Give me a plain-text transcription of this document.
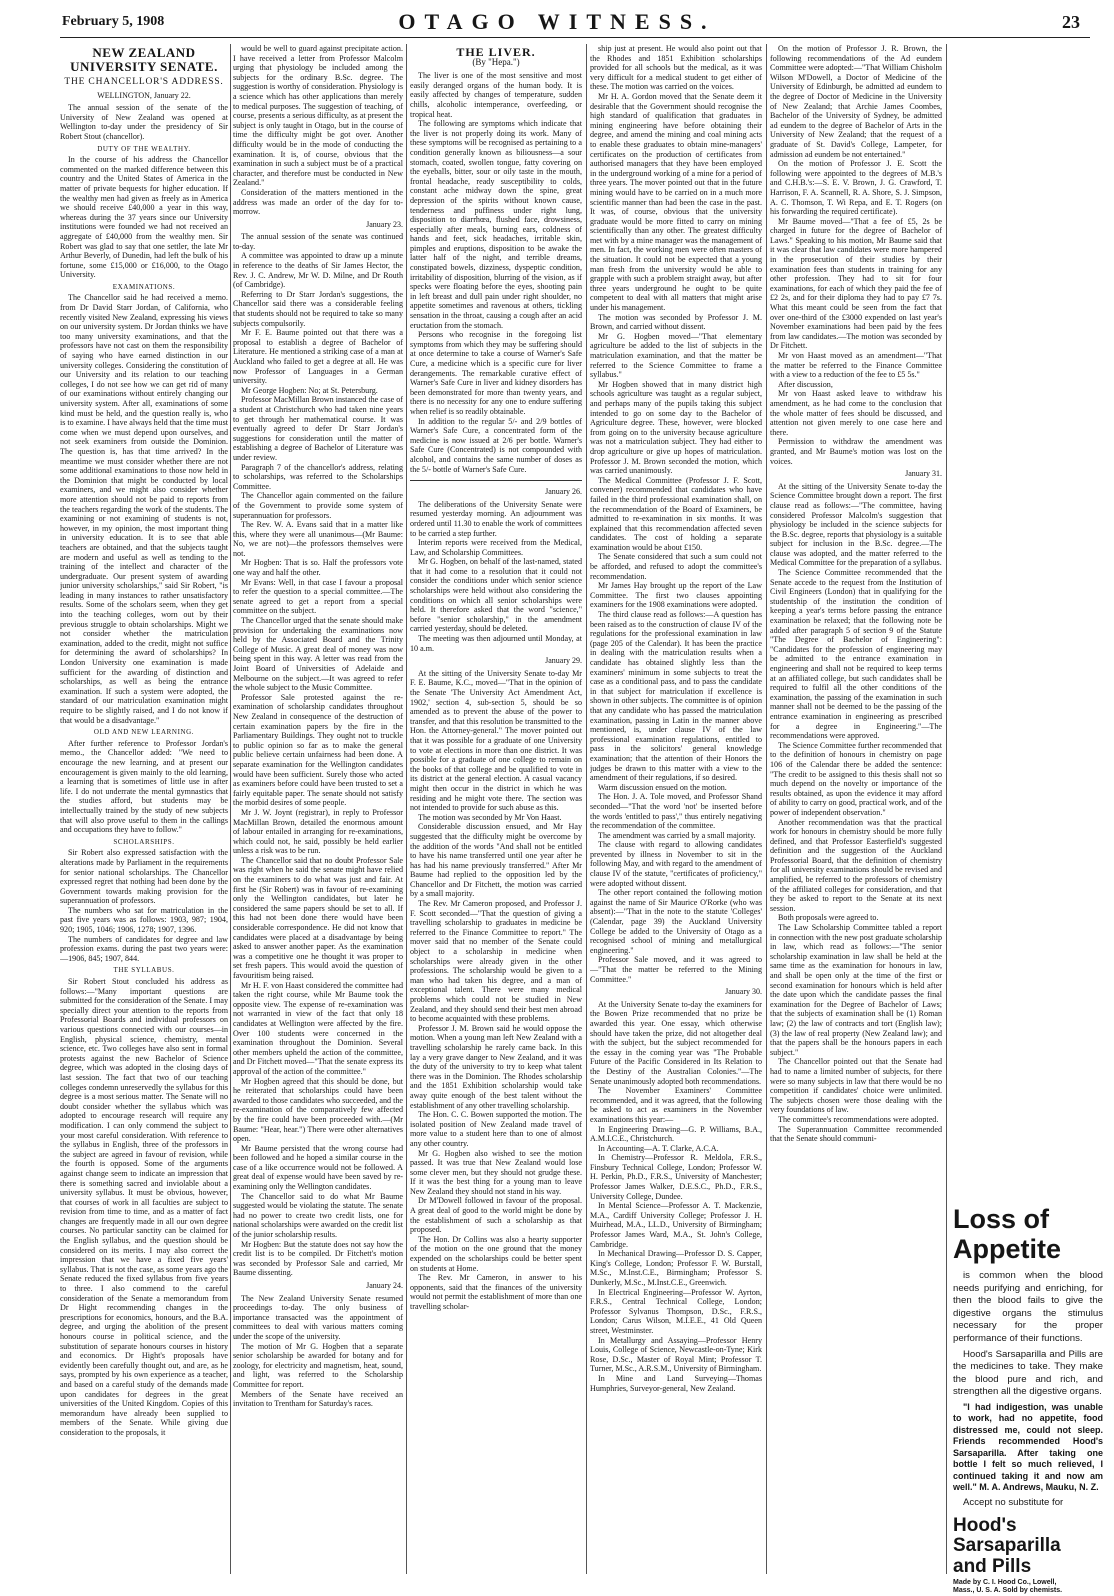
February 5, 1908	OTAGO WITNESS.	23
NEW ZEALAND UNIVERSITY SENATE.
THE CHANCELLOR'S ADDRESS.
WELLINGTON, January 22.

The annual session of the senate of the University of New Zealand was opened at Wellington to-day under the presidency of Sir Robert Stout (chancellor).

DUTY OF THE WEALTHY.

In the course of his address the Chancellor commented on the marked difference between this country and the United States of America in the matter of private bequests for higher education. If the wealthy men had given as freely as in America we should receive £40,000 a year in this way, whereas during the 37 years since our University institutions were founded we had not received an aggregate of £40,000 from the wealthy men. Sir Robert was glad to say that one settler, the late Mr Arthur Beverly, of Dunedin, had left the bulk of his fortune, some £15,000 or £16,000, to the Otago University.

EXAMINATIONS.

The Chancellor said he had received a memo. from Dr David Starr Jordan, of California, who recently visited New Zealand, expressing his views on our university system. Dr Jordan thinks we have too many university examinations, and that the professors have not cast on them the responsibility of saying who have earned distinction in our university colleges. Considering the constitution of our University and its relation to our teaching colleges, I do not see how we can get rid of many of our examinations without entirely changing our university system. After all, examinations of some kind must be held, and the question really is, who is to examine. I have always held that the time must come when we must depend upon ourselves, and not seek examiners from outside the Dominion. The question is, has that time arrived? In the meantime we must consider whether there are not some additional examinations to those now held in the Dominion that might be conducted by local examiners, and we might also consider whether more attention should not be paid to reports from the teachers regarding the work of the students. The examining or not examining of students is not, however, in my opinion, the most important thing in university education. It is to see that able teachers are obtained, and that the subjects taught are modern and useful as well as tending to the training of the intellect and character of the undergraduate. Our present system of awarding junior university scholarships," said Sir Robert, "is leading in many instances to rather unsatisfactory results. Some of the scholars seem, when they get into the teaching colleges, worn out by their previous struggle to obtain scholarships. Might we not consider whether the matriculation examination, added to the credit, might not suffice for determining the award of scholarships? In London University one examination is made sufficient for the awarding of distinction and scholarships, as well as being the entrance examination. If such a system were adopted, the standard of our matriculation examination might require to be slightly raised, and I do not know if that would be a disadvantage."

OLD AND NEW LEARNING.

After further reference to Professor Jordan's memo., the Chancellor added: "We need to encourage the new learning, and at present our encouragement is given mainly to the old learning, a learning that is sometimes of little use in after life. I do not underrate the mental gymnastics that the studies afford, but students may be intellectually trained by the study of new subjects that will also prove useful to them in the callings and occupations they have to follow."

SCHOLARSHIPS.

Sir Robert also expressed satisfaction with the alterations made by Parliament in the requirements for senior national scholarships. The Chancellor expressed regret that nothing had been done by the Government towards making provision for the superannuation of professors.

The numbers who sat for matriculation in the past five years was as follows: 1903, 987; 1904, 920; 1905, 1046; 1906, 1278; 1907, 1396.

The numbers of candidates for degree and law profession exams. during the past two years were:—1906, 845; 1907, 844.

THE SYLLABUS.

Sir Robert Stout concluded his address as follows:—"Many important questions are submitted for the consideration of the Senate. I may specially direct your attention to the reports from Professorial Boards and individual professors on various questions connected with our courses—in English, physical science, chemistry, mental science, etc. Two colleges have also sent in formal protests against the new Bachelor of Science degree, which was adopted in the closing days of last session. The fact that two of our teaching colleges condemn unreservedly the syllabus for this degree is a most serious matter. The Senate will no doubt consider whether the syllabus which was adopted to encourage research will require any modification. I can only commend the subject to your most careful consideration. With reference to the syllabus in English, three of the professors in the subject are agreed in favour of revision, while the fourth is opposed. Some of the arguments against change seem to indicate an impression that there is something sacred and inviolable about a university syllabus. It must be obvious, however, that courses of work in all faculties are subject to revision from time to time, and as a matter of fact changes are frequently made in all our own degree courses. No particular sanctity can be claimed for the English syllabus, and the question should be considered on its merits. I may also correct the impression that we have a fixed five years' syllabus. That is not the case, as some years ago the Senate reduced the fixed syllabus from five years to three. I also commend to the careful consideration of the Senate a memorandum from Dr Hight recommending changes in the prescriptions for economics, honours, and the B.A. degree, and urging the abolition of the present honours course in political science, and the substitution of separate honours courses in history and economics. Dr Hight's proposals have evidently been carefully thought out, and are, as he says, prompted by his own experience as a teacher, and based on a careful study of the demands made upon candidates for degrees in the great universities of the United Kingdom. Copies of this memorandum have already been supplied to members of the Senate. While giving due consideration to the proposals, it

would be well to guard against precipitate action. I have received a letter from Professor Malcolm urging that physiology be included among the subjects for the ordinary B.Sc. degree. The suggestion is worthy of consideration. Physiology is a science which has other applications than merely to medical purposes. The suggestion of teaching, of course, presents a serious difficulty, as at present the subject is only taught in Otago, but in the course of time the difficulty might be got over. Another difficulty would be in the mode of conducting the examination. It is, of course, obvious that the examination in such a subject must be of a practical character, and therefore must be conducted in New Zealand."

Consideration of the matters mentioned in the address was made an order of the day for to-morrow.

January 23.

The annual session of the senate was continued to-day.

A committee was appointed to draw up a minute in reference to the deaths of Sir James Hector, the Rev. J. C. Andrew, Mr W. D. Milne, and Dr Routh (of Cambridge).

Referring to Dr Starr Jordan's suggestions, the Chancellor said there was a considerable feeling that students should not be required to take so many subjects compulsorily.

Mr F. E. Baume pointed out that there was a proposal to establish a degree of Bachelor of Literature. He mentioned a striking case of a man at Auckland who failed to get a degree at all. He was now Professor of Languages in a German university.

Mr George Hogben: No; at St. Petersburg.

Professor MacMillan Brown instanced the case of a student at Christchurch who had taken nine years to get through her mathematical course. It was eventually agreed to defer Dr Starr Jordan's suggestions for consideration until the matter of establishing a degree of Bachelor of Literature was under review.

Paragraph 7 of the chancellor's address, relating to scholarships, was referred to the Scholarships Committee.

The Chancellor again commented on the failure of the Government to provide some system of superannuation for professors.

The Rev. W. A. Evans said that in a matter like this, where they were all unanimous—(Mr Baume: No, we are not)—the professors themselves were not.

Mr Hogben: That is so. Half the professors vote one way and half the other.

Mr Evans: Well, in that case I favour a proposal to refer the question to a special committee.—The senate agreed to get a report from a special committee on the subject.

The Chancellor urged that the senate should make provision for undertaking the examinations now held by the Associated Board and the Trinity College of Music. A great deal of money was now being spent in this way. A letter was read from the Joint Board of Universities of Adelaide and Melbourne on the subject.—It was agreed to refer the whole subject to the Music Committee.

Professor Sale protested against the re-examination of scholarship candidates throughout New Zealand in consequence of the destruction of certain examination papers by the fire in the Parliamentary Buildings. They ought not to truckle to public opinion so far as to make the general public believe certain unfairness had been done. A separate examination for the Wellington candidates would have been sufficient. Surely those who acted as examiners before could have been trusted to set a fairly equitable paper. The senate should not satisfy the morbid desires of some people.

Mr J. W. Joynt (registrar), in reply to Professor MacMillan Brown, detailed the enormous amount of labour entailed in arranging for re-examinations, which could not, he said, possibly be held earlier unless a risk was to be run.

The Chancellor said that no doubt Professor Sale was right when he said the senate might have relied on the examiners to do what was just and fair. At first he (Sir Robert) was in favour of re-examining only the Wellington candidates, but later he considered the same papers should be set to all. If this had not been done there would have been considerable correspondence. He did not know that candidates were placed at a disadvantage by being asked to answer another paper. As the examination was a competitive one he thought it was proper to set fresh papers. This would avoid the question of favouritism being raised.

Mr H. F. von Haast considered the committee had taken the right course, while Mr Baume took the opposite view. The expense of re-examination was not warranted in view of the fact that only 18 candidates at Wellington were affected by the fire. Over 100 students were concerned in the examination throughout the Dominion. Several other members upheld the action of the committee, and Dr Fitchett moved—"That the senate express its approval of the action of the committee."

Mr Hogben agreed that this should be done, but he reiterated that scholarships could have been awarded to those candidates who succeeded, and the re-examination of the comparatively few affected by the fire could have been proceeded with.—(Mr Baume: "Hear, hear.") There were other alternatives open.

Mr Baume persisted that the wrong course had been followed and he hoped a similar course in the case of a like occurrence would not be followed. A great deal of expense would have been saved by re-examining only the Wellington candidates.

The Chancellor said to do what Mr Baume suggested would be violating the statute. The senate had no power to create two credit lists, one for national scholarships were awarded on the credit list of the junior scholarship results.

Mr Hogben: But the statute does not say how the credit list is to be compiled. Dr Fitchett's motion was seconded by Professor Sale and carried, Mr Baume dissenting.

January 24.

The New Zealand University Senate resumed proceedings to-day. The only business of importance transacted was the appointment of committees to deal with various matters coming under the scope of the university.

The motion of Mr G. Hogben that a separate senior scholarship be awarded for botany and for zoology, for electricity and magnetism, heat, sound, and light, was referred to the Scholarship Committee for report.

Members of the Senate have received an invitation to Trentham for Saturday's races.

THE LIVER.
(By "Hepa.")

The liver is one of the most sensitive and most easily deranged organs of the human body. It is easily affected by changes of temperature, sudden chills, alcoholic intemperance, overfeeding, or tropical heat.

The following are symptoms which indicate that the liver is not properly doing its work. Many of these symptoms will be recognised as pertaining to a condition generally known as biliousness—a sour stomach, coated, swollen tongue, fatty covering on the eyeballs, bitter, sour or oily taste in the mouth, frontal headache, ready susceptibility to colds, constant ache midway down the spine, great depression of the spirits without known cause, tenderness and puffiness under right lung, disposition to diarrhœa, flushed face, drowsiness, especially after meals, burning ears, coldness of hands and feet, sick headaches, irritable skin, pimples and eruptions, disposition to be awake the latter half of the night, and terrible dreams, constipated bowels, dizziness, dyspeptic condition, irritability of disposition, blurring of the vision, as if specks were floating before the eyes, shooting pain in left breast and dull pain under right shoulder, no appetite sometimes and ravenous at others, tickling sensation in the throat, causing a cough after an acid eructation from the stomach.

Persons who recognise in the foregoing list symptoms from which they may be suffering should at once determine to take a course of Warner's Safe Cure, a medicine which is a specific cure for liver derangements. The remarkable curative effect of Warner's Safe Cure in liver and kidney disorders has been demonstrated for more than twenty years, and there is no necessity for any one to endure suffering when relief is so readily obtainable.

In addition to the regular 5/- and 2/9 bottles of Warner's Safe Cure, a concentrated form of the medicine is now issued at 2/6 per bottle. Warner's Safe Cure (Concentrated) is not compounded with alcohol, and contains the same number of doses as the 5/- bottle of Warner's Safe Cure.

January 26.

The deliberations of the University Senate were resumed yesterday morning. An adjournment was ordered until 11.30 to enable the work of committees to be carried a step further.

Interim reports were received from the Medical, Law, and Scholarship Committees.

Mr G. Hogben, on behalf of the last-named, stated that it had come to a resolution that it could not consider the conditions under which senior science scholarships were held without also considering the conditions on which all senior scholarships were held. It therefore asked that the word "science," before "senior scholarship," in the amendment carried yesterday, should be deleted.

The meeting was then adjourned until Monday, at 10 a.m.

January 29.

At the sitting of the University Senate to-day Mr F. E. Baume, K.C., moved—"That in the opinion of the Senate 'The University Act Amendment Act, 1902,' section 4, sub-section 5, should be so amended as to prevent the abuse of the power to transfer, and that this resolution be transmitted to the Hon. the Attorney-general." The mover pointed out that it was possible for a graduate of one University to vote at elections in more than one district. It was possible for a graduate of one college to remain on the books of that college and be qualified to vote in its district at the general election. A casual vacancy might then occur in the district in which he was residing and he might vote there. The section was not intended to provide for such abuse as this.

The motion was seconded by Mr Von Haast.

Considerable discussion ensued, and Mr Hay suggested that the difficulty might be overcome by the addition of the words "And shall not be entitled to have his name transferred until one year after he has had his name previously transferred." After Mr Baume had replied to the opposition led by the Chancellor and Dr Fitchett, the motion was carried by a small majority.

The Rev. Mr Cameron proposed, and Professor J. F. Scott seconded—"That the question of giving a travelling scholarship to graduates in medicine be referred to the Finance Committee to report." The mover said that no member of the Senate could object to a scholarship in medicine when scholarships were already given in the other professions. The scholarship would be given to a man who had taken his degree, and a man of exceptional talent. There were many medical problems which could not be studied in New Zealand, and they should send their best men abroad to become acquainted with these problems.

Professor J. M. Brown said he would oppose the motion. When a young man left New Zealand with a travelling scholarship he rarely came back. In this lay a very grave danger to New Zealand, and it was the duty of the university to try to keep what talent there was in the Dominion. The Rhodes scholarship and the 1851 Exhibition scholarship would take away quite enough of the best talent without the establishment of any other travelling scholarship.

The Hon. C. C. Bowen supported the motion. The isolated position of New Zealand made travel of more value to a student here than to one of almost any other country.

Mr G. Hogben also wished to see the motion passed. It was true that New Zealand would lose some clever men, but they should not grudge these. If it was the best thing for a young man to leave New Zealand they should not stand in his way.

Dr M'Dowell followed in favour of the proposal. A great deal of good to the world might be done by the establishment of such a scholarship as that proposed.

The Hon. Dr Collins was also a hearty supporter of the motion on the one ground that the money expended on the scholarships could be better spent on students at Home.

The Rev. Mr Cameron, in answer to his opponents, said that the finances of the university would not permit the establishment of more than one travelling scholar-

ship just at present. He would also point out that the Rhodes and 1851 Exhibition scholarships provided for all schools but the medical, as it was very difficult for a medical student to get either of these. The motion was carried on the voices.

Mr H. A. Gordon moved that the Senate deem it desirable that the Government should recognise the high standard of qualification that graduates in mining engineering have before obtaining their degree, and amend the mining and coal mining acts to enable these graduates to obtain mine-managers' certificates on the production of certificates from authorised managers that they have been employed in the underground working of a mine for a period of three years. The mover pointed out that in the future mining would have to be carried on in a much more scientific manner than had been the case in the past. It was, of course, obvious that the university graduate would be more fitted to carry on mining scientifically than any other. The greatest difficulty met with by a mine manager was the management of men. In fact, the working men were often masters of the situation. It could not be expected that a young man fresh from the university would be able to grapple with such a problem straight away, but after three years underground he ought to be quite competent to deal with all matters that might arise under his management.

The motion was seconded by Professor J. M. Brown, and carried without dissent.

Mr G. Hogben moved—"That elementary agriculture be added to the list of subjects in the matriculation examination, and that the matter be referred to the Science Committee to frame a syllabus."

Mr Hogben showed that in many district high schools agriculture was taught as a regular subject, and perhaps many of the pupils taking this subject intended to go on some day to the Bachelor of Agriculture degree. These, however, were blocked from going on to the university because agriculture was not a matriculation subject. They had either to drop agriculture or give up hopes of matriculation. Professor J. M. Brown seconded the motion, which was carried unanimously.

The Medical Committee (Professor J. F. Scott, convener) recommended that candidates who have failed in the third professional examination shall, on the recommendation of the Board of Examiners, be admitted to re-examination in six months. It was explained that this recommendation affected seven candidates. The cost of holding a separate examination would be about £150.

The Senate considered that such a sum could not be afforded, and refused to adopt the committee's recommendation.

Mr James Hay brought up the report of the Law Committee. The first two clauses appointing examiners for the 1908 examinations were adopted.

The third clause read as follows:—A question has been raised as to the construction of clause IV of the regulations for the professional examination in law (page 205 of the Calendar). It has been the practice in dealing with the matriculation results when a candidate has obtained slightly less than the examiners' minimum in some subjects to treat the case as a conditional pass, and to pass the candidate in that subject for matriculation if excellence is shown in other subjects. The committee is of opinion that any candidate who has passed the matriculation examination, passing in Latin in the manner above mentioned, is, under clause IV of the law professional examination regulations, entitled to pass in the solicitors' general knowledge examination; that the attention of their Honors the judges be drawn to this matter with a view to the amendment of their regulations, if so desired.

Warm discussion ensued on the motion.

The Hon. J. A. Tole moved, and Professor Shand seconded—"That the word 'not' be inserted before the words 'entitled to pass'," thus entirely negativing the recommendation of the committee.

The amendment was carried by a small majority.

The clause with regard to allowing candidates prevented by illness in November to sit in the following May, and with regard to the amendment of clause IV of the statute, "certificates of proficiency," were adopted without dissent.

The other report contained the following motion against the name of Sir Maurice O'Rorke (who was absent):—"That in the note to the statute 'Colleges' (Calendar, page 39) the Auckland University College be added to the University of Otago as a recognised school of mining and metallurgical engineering."

Professor Sale moved, and it was agreed to—"That the matter be referred to the Mining Committee."

January 30.

At the University Senate to-day the examiners for the Bowen Prize recommended that no prize be awarded this year. One essay, which otherwise should have taken the prize, did not altogether deal with the subject, but the subject recommended for the essay in the coming year was "The Probable Future of the Pacific Considered in Its Relation to the Destiny of the Australian Colonies."—The Senate unanimously adopted both recommendations.

The November Examiners' Committee recommended, and it was agreed, that the following be asked to act as examiners in the November examinations this year:—

In Engineering Drawing—G. P. Williams, B.A., A.M.I.C.E., Christchurch.

In Accounting—A. T. Clarke, A.C.A.

In Chemistry—Professor R. Meldola, F.R.S., Finsbury Technical College, London; Professor W. H. Perkin, Ph.D., F.R.S., University of Manchester; Professor James Walker, D.E.S.C., Ph.D., F.R.S., University College, Dundee.

In Mental Science—Professor A. T. Mackenzie, M.A., Cardiff University College; Professor J. H. Muirhead, M.A., LL.D., University of Birmingham; Professor James Ward, M.A., St. John's College, Cambridge.

In Mechanical Drawing—Professor D. S. Capper, King's College, London; Professor F. W. Burstall, M.Sc., M.Inst.C.E., Birmingham; Professor S. Dunkerly, M.Sc., M.Inst.C.E., Greenwich.

In Electrical Engineering—Professor W. Ayrton, F.R.S., Central Technical College, London; Professor Sylvanus Thompson, D.Sc., F.R.S., London; Carus Wilson, M.I.E.E., 41 Old Queen street, Westminster.

In Metallurgy and Assaying—Professor Henry Louis, College of Science, Newcastle-on-Tyne; Kirk Rose, D.Sc., Master of Royal Mint; Professor T. Turner, M.Sc., A.R.S.M., University of Birmingham.

In Mine and Land Surveying—Thomas Humphries, Surveyor-general, New Zealand.

On the motion of Professor J. R. Brown, the following recommendations of the Ad eundem Committee were adopted:—"That William Chisholm Wilson M'Dowell, a Doctor of Medicine of the University of Edinburgh, be admitted ad eundem to the degree of Doctor of Medicine in the University of New Zealand; that Archie James Coombes, Bachelor of the University of Sydney, be admitted ad eundem to the degree of Bachelor of Arts in the University of New Zealand; that the request of a graduate of St. David's College, Lampeter, for admission ad eundem be not entertained."

On the motion of Professor J. E. Scott the following were appointed to the degrees of M.B.'s and C.H.B.'s:—S. E. V. Brown, J. G. Crawford, T. Harrison, F. A. Scannell, R. A. Shore, S. J. Simpson, A. C. Thomson, T. Wi Repa, and E. T. Rogers (on his forwarding the required certificate).

Mr Baume moved—"That a fee of £5, 2s be charged in future for the degree of Bachelor of Laws." Speaking to his motion, Mr Baume said that it was clear that law candidates were more hampered in the prosecution of their studies by their examination fees than students in training for any other profession. They had to sit for four examinations, for each of which they paid the fee of £2 2s, and for their diploma they had to pay £7 7s. What this meant could be seen from the fact that over one-third of the £3000 expended on last year's November examinations had been paid by the fees from law candidates.—The motion was seconded by Dr Fitchett.

Mr von Haast moved as an amendment—"That the matter be referred to the Finance Committee with a view to a reduction of the fee to £5 5s."

After discussion,

Mr von Haast asked leave to withdraw his amendment, as he had come to the conclusion that the whole matter of fees should be discussed, and attention not given merely to one case here and there.

Permission to withdraw the amendment was granted, and Mr Baume's motion was lost on the voices.

January 31.

At the sitting of the University Senate to-day the Science Committee brought down a report. The first clause read as follows:—"The committee, having considered Professor Malcolm's suggestion that physiology be included in the science subjects for the B.Sc. degree, reports that physiology is a suitable subject for inclusion in the B.Sc. degree.—The clause was adopted, and the matter referred to the Medical Committee for the preparation of a syllabus.

The Science Committee recommended that the Senate accede to the request from the Institution of Civil Engineers (London) that in qualifying for the studentship of the institution the condition of keeping a year's terms before passing the entrance examination be relaxed; that the following note be added after paragraph 5 of section 9 of the Statute "The Degree of Bachelor of Engineering": "Candidates for the profession of engineering may be admitted to the entrance examination in engineering and shall not be required to keep terms at an affiliated college, but such candidates shall be required to fulfil all the other conditions of the examination, the passing of the examination in such manner shall not be deemed to be the passing of the entrance examination in engineering as prescribed for a degree in Engineering."—The recommendations were approved.

The Science Committee further recommended that to the definition of honours in chemistry on page 106 of the Calendar there be added the sentence: "The credit to be assigned to this thesis shall not so much depend on the novelty or importance of the results obtained, as upon the evidence it may afford of ability to carry on good, practical work, and of the power of independent observation."

Another recommendation was that the practical work for honours in chemistry should be more fully defined, and that Professor Easterfield's suggested definition and the suggestion of the Auckland Professorial Board, that the definition of chemistry for all university examinations should be revised and amplified, be referred to the professors of chemistry of the affiliated colleges for consideration, and that they be asked to report to the Senate at its next session.

Both proposals were agreed to.

The Law Scholarship Committee tabled a report in connection with the new post graduate scholarship in law, which read as follows:—"The senior scholarship examination in law shall be held at the same time as the examination for honours in law, and shall be open only at the time of the first or second examination for honours which is held after the date upon which the candidate passes the final examination for the Degree of Bachelor of Laws; that the subjects of examination shall be (1) Roman law; (2) the law of contracts and tort (English law); (3) the law of real property (New Zealand law); and that the papers shall be the honours papers in each subject."

The Chancellor pointed out that the Senate had had to name a limited number of subjects, for there were so many subjects in law that there would be no competition if candidates' choice were unlimited. The subjects chosen were those dealing with the very foundations of law.

The committee's recommendations were adopted.

The Superannuation Committee recommended that the Senate should communi-

Loss of Appetite

is common when the blood needs purifying and enriching, for then the blood fails to give the digestive organs the stimulus necessary for the proper performance of their functions.

Hood's Sarsaparilla and Pills are the medicines to take. They make the blood pure and rich, and strengthen all the digestive organs.

"I had indigestion, was unable to work, had no appetite, food distressed me, could not sleep. Friends recommended Hood's Sarsaparilla. After taking one bottle I felt so much relieved, I continued taking it and now am well." M. A. Andrews, Mauku, N. Z.

Accept no substitute for

Hood's Sarsaparilla
and Pills Made by C. I. Hood Co., Lowell,
Mass., U. S. A. Sold by chemists.
